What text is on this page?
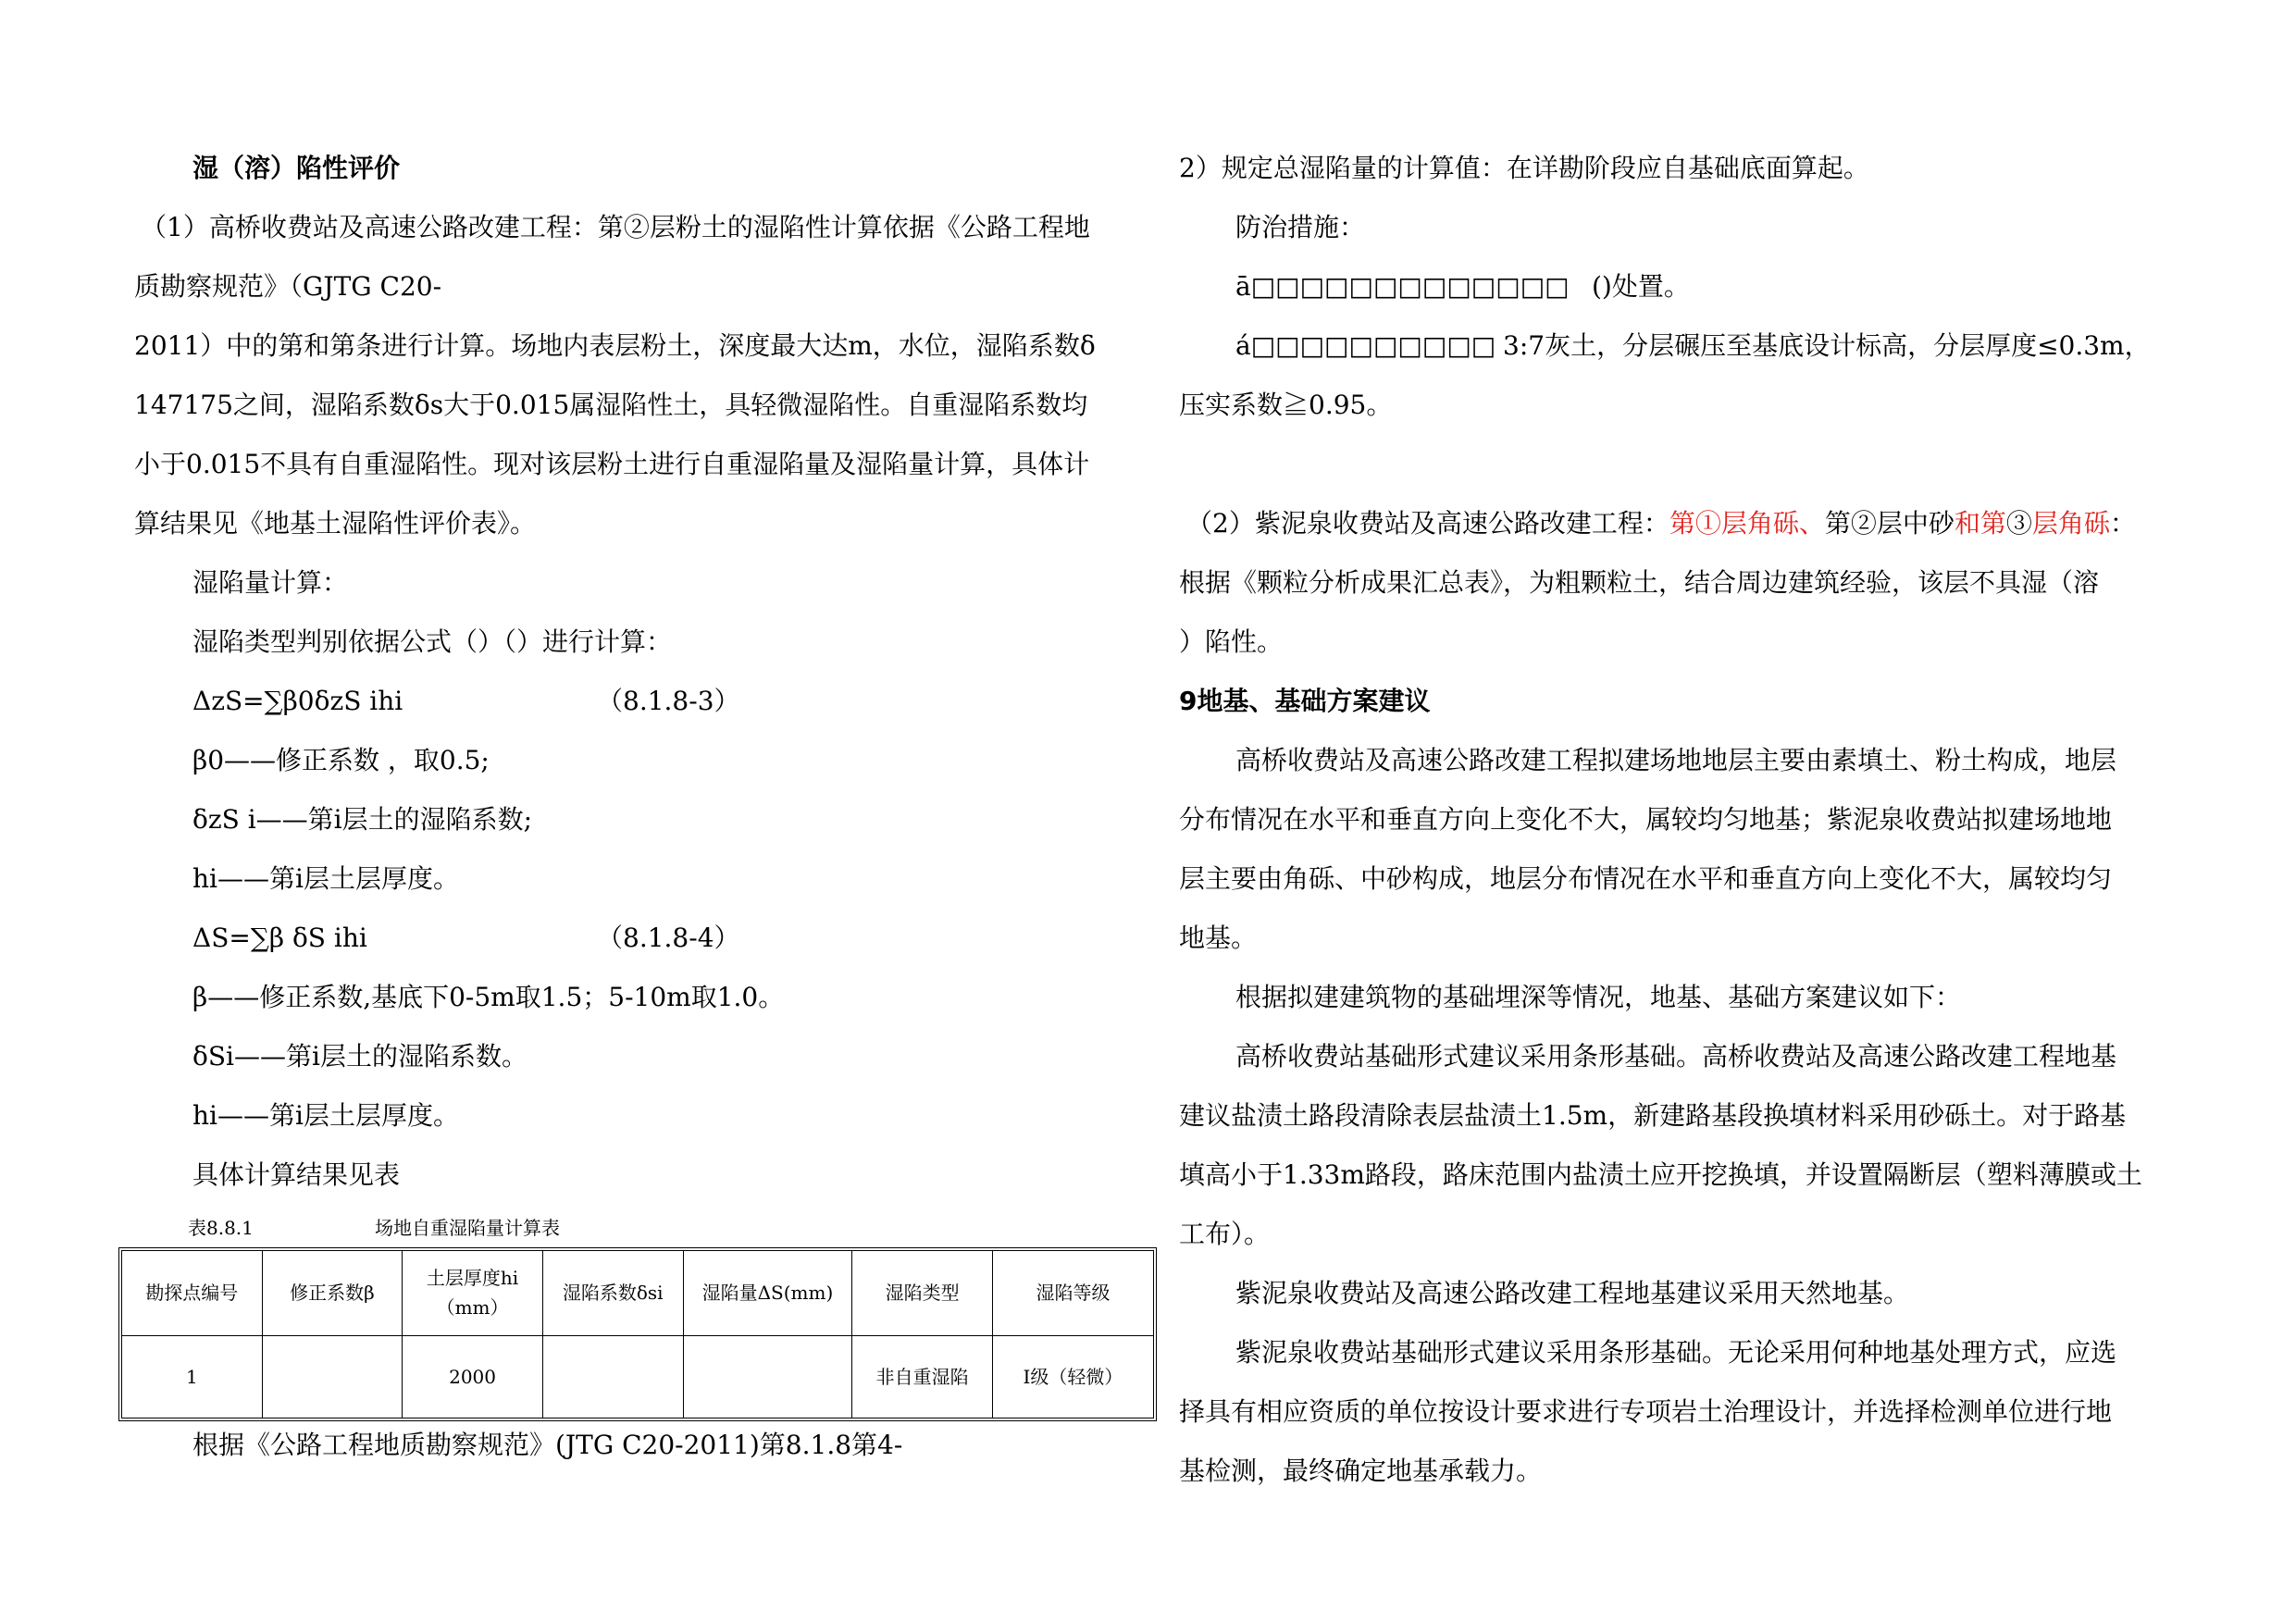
湿（溶）陷性评价
（1）高桥收费站及高速公路改建工程：第②层粉土的湿陷性计算依据《公路工程地
质勘察规范》（GJTG C20-
2011）中的第和第条进行计算。场地内表层粉土，深度最大达m，水位，湿陷系数δ
147175之间，湿陷系数δs大于0.015属湿陷性土，具轻微湿陷性。自重湿陷系数均
小于0.015不具有自重湿陷性。现对该层粉土进行自重湿陷量及湿陷量计算，具体计
算结果见《地基土湿陷性评价表》。
湿陷量计算：
湿陷类型判别依据公式（）（）进行计算：
ΔzS=∑β0δzS ihi	（8.1.8-3）
β0——修正系数 ，取0.5;
δzS i——第i层土的湿陷系数;
hi——第i层土层厚度。
ΔS=∑β δS ihi	（8.1.8-4）
β——修正系数,基底下0-5m取1.5；5-10m取1.0。
δSi——第i层土的湿陷系数。
hi——第i层土层厚度。
具体计算结果见表
表8.8.1	场地自重湿陷量计算表
勘探点编号	修正系数β	土层厚度hi（mm）	湿陷系数δsi	湿陷量ΔS(mm)	湿陷类型	湿陷等级
1		2000			非自重湿陷	Ⅰ级（轻微）
根据《公路工程地质勘察规范》(JTG C20-2011)第8.1.8第4-
2）规定总湿陷量的计算值：在详勘阶段应自基础底面算起。
防治措施：
ā□□□□□□□□□□□□□ ()处置。
á□□□□□□□□□□ 3:7灰土，分层碾压至基底设计标高，分层厚度≤0.3m，
压实系数≧0.95。
（2）紫泥泉收费站及高速公路改建工程：第①层角砾、第②层中砂和第③层角砾：
根据《颗粒分析成果汇总表》，为粗颗粒土，结合周边建筑经验，该层不具湿（溶
）陷性。
9地基、基础方案建议
高桥收费站及高速公路改建工程拟建场地地层主要由素填土、粉土构成，地层
分布情况在水平和垂直方向上变化不大，属较均匀地基；紫泥泉收费站拟建场地地
层主要由角砾、中砂构成，地层分布情况在水平和垂直方向上变化不大，属较均匀
地基。
根据拟建建筑物的基础埋深等情况，地基、基础方案建议如下：
高桥收费站基础形式建议采用条形基础。高桥收费站及高速公路改建工程地基
建议盐渍土路段清除表层盐渍土1.5m，新建路基段换填材料采用砂砾土。对于路基
填高小于1.33m路段，路床范围内盐渍土应开挖换填，并设置隔断层（塑料薄膜或土
工布）。
紫泥泉收费站及高速公路改建工程地基建议采用天然地基。
紫泥泉收费站基础形式建议采用条形基础。无论采用何种地基处理方式，应选
择具有相应资质的单位按设计要求进行专项岩土治理设计，并选择检测单位进行地
基检测，最终确定地基承载力。
